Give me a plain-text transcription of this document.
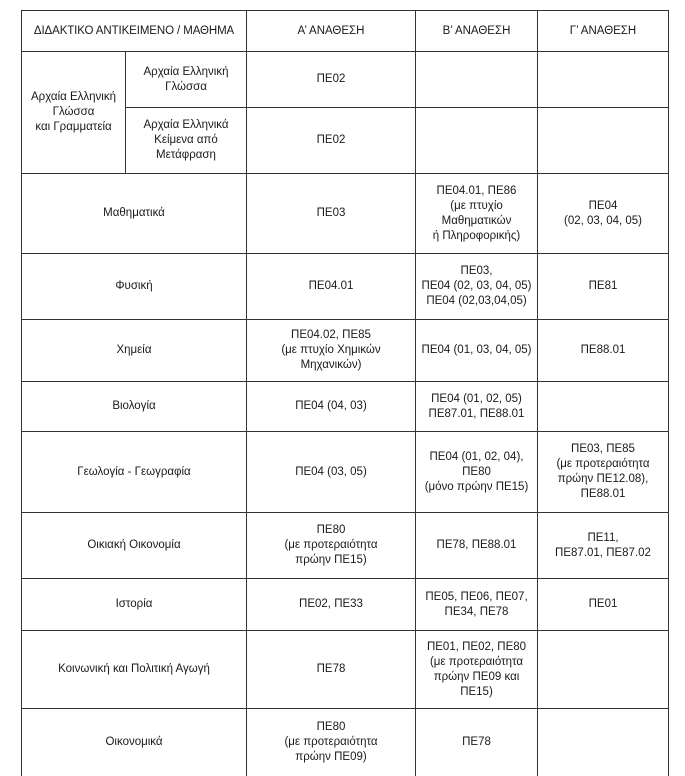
ΔΙΔΑΚΤΙΚΟ ΑΝΤΙΚΕΙΜΕΝΟ / ΜΑΘΗΜΑ		Α’ ΑΝΑΘΕΣΗ	Β’ ΑΝΑΘΕΣΗ	Γ’ ΑΝΑΘΕΣΗ
Αρχαία Ελληνική
Γλώσσα
και Γραμματεία	Αρχαία Ελληνική
Γλώσσα	ΠΕ02		
	Αρχαία Ελληνικά
Κείμενα από
Μετάφραση	ΠΕ02		
Μαθηματικά		ΠΕ03	ΠΕ04.01, ΠΕ86
(με πτυχίο
Μαθηματικών
ή Πληροφορικής)	ΠΕ04
(02, 03, 04, 05)
Φυσική		ΠΕ04.01	ΠΕ03,
ΠΕ04 (02, 03, 04, 05)
ΠΕ04 (02,03,04,05)	ΠΕ81
Χημεία		ΠΕ04.02, ΠΕ85
(με πτυχίο Χημικών
Μηχανικών)	ΠΕ04 (01, 03, 04, 05)	ΠΕ88.01
Βιολογία		ΠΕ04 (04, 03)	ΠΕ04 (01, 02, 05)
ΠΕ87.01, ΠΕ88.01	
Γεωλογία - Γεωγραφία		ΠΕ04 (03, 05)	ΠΕ04 (01, 02, 04),
ΠΕ80
(μόνο πρώην ΠΕ15)	ΠΕ03, ΠΕ85
(με προτεραιότητα
πρώην ΠΕ12.08),
ΠΕ88.01
Οικιακή Οικονομία		ΠΕ80
(με προτεραιότητα
πρώην ΠΕ15)	ΠΕ78, ΠΕ88.01	ΠΕ11,
ΠΕ87.01, ΠΕ87.02
Ιστορία		ΠΕ02, ΠΕ33	ΠΕ05, ΠΕ06, ΠΕ07,
ΠΕ34, ΠΕ78	ΠΕ01
Κοινωνική και Πολιτική Αγωγή		ΠΕ78	ΠΕ01, ΠΕ02, ΠΕ80
(με προτεραιότητα
πρώην ΠΕ09 και
ΠΕ15)	
Οικονομικά		ΠΕ80
(με προτεραιότητα
πρώην ΠΕ09)	ΠΕ78	
